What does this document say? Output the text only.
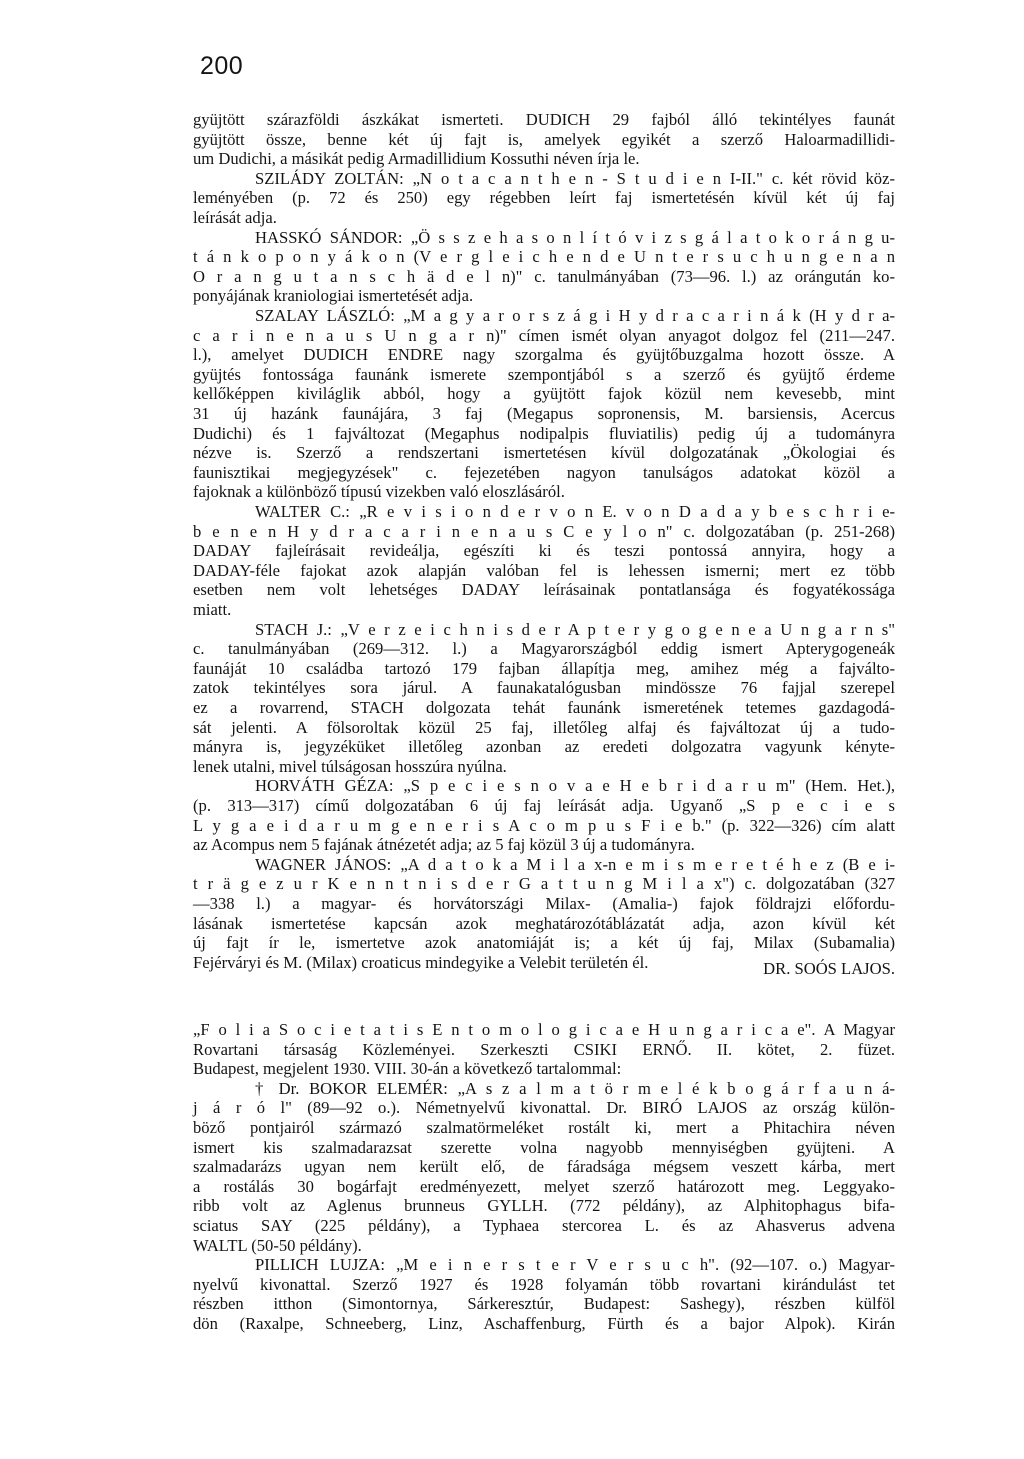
200
gyüjtött szárazföldi ászkákat ismerteti. DUDICH 29 fajból álló tekintélyes faunát
gyüjtött össze, benne két új fajt is, amelyek egyikét a szerző Haloarmadillidi-
um Dudichi, a másikát pedig Armadillidium Kossuthi néven írja le.
SZILÁDY ZOLTÁN: „N o t a c a n t h e n - S t u d i e n I-II." c. két rövid köz-
leményében (p. 72 és 250) egy régebben leírt faj ismertetésén kívül két új faj
leírását adja.
HASSKÓ SÁNDOR: „Ö s s z e h a s o n l í t ó v i z s g á l a t o k o r á n g u-
t á n k o p o n y á k o n (V e r g l e i c h e n d e U n t e r s u c h u n g e n a n
O r a n g u t a n s c h ä d e l n)" c. tanulmányában (73—96. l.) az orángután ko-
ponyájának kraniologiai ismertetését adja.
SZALAY LÁSZLÓ: „M a g y a r o r s z á g i H y d r a c a r i n á k (H y d r a-
c a r i n e n a u s U n g a r n)" címen ismét olyan anyagot dolgoz fel (211—247.
l.), amelyet DUDICH ENDRE nagy szorgalma és gyüjtőbuzgalma hozott össze. A
gyüjtés fontossága faunánk ismerete szempontjából s a szerző és gyüjtő érdeme
kellőképpen kiviláglik abból, hogy a gyüjtött fajok közül nem kevesebb, mint
31 új hazánk faunájára, 3 faj (Megapus sopronensis, M. barsiensis, Acercus
Dudichi) és 1 fajváltozat (Megaphus nodipalpis fluviatilis) pedig új a tudományra
nézve is. Szerző a rendszertani ismertetésen kívül dolgozatának „Ökologiai és
faunisztikai megjegyzések" c. fejezetében nagyon tanulságos adatokat közöl a
fajoknak a különböző típusú vizekben való eloszlásáról.
WALTER C.: „R e v i s i o n d e r v o n E. v o n D a d a y b e s c h r i e-
b e n e n H y d r a c a r i n e n a u s C e y l o n" c. dolgozatában (p. 251-268)
DADAY fajleírásait revideálja, egészíti ki és teszi pontossá annyira, hogy a
DADAY-féle fajokat azok alapján valóban fel is lehessen ismerni; mert ez több
esetben nem volt lehetséges DADAY leírásainak pontatlansága és fogyatékossága
miatt.
STACH J.: „V e r z e i c h n i s d e r A p t e r y g o g e n e a U n g a r n s"
c. tanulmányában (269—312. l.) a Magyarországból eddig ismert Apterygogeneák
faunáját 10 családba tartozó 179 fajban állapítja meg, amihez még a fajválto-
zatok tekintélyes sora járul. A faunakatalógusban mindössze 76 fajjal szerepel
ez a rovarrend, STACH dolgozata tehát faunánk ismeretének tetemes gazdagodá-
sát jelenti. A fölsoroltak közül 25 faj, illetőleg alfaj és fajváltozat új a tudo-
mányra is, jegyzéküket illetőleg azonban az eredeti dolgozatra vagyunk kényte-
lenek utalni, mivel túlságosan hosszúra nyúlna.
HORVÁTH GÉZA: „S p e c i e s n o v a e H e b r i d a r u m" (Hem. Het.),
(p. 313—317) című dolgozatában 6 új faj leírását adja. Ugyanő „S p e c i e s
L y g a e i d a r u m g e n e r i s A c o m p u s F i e b." (p. 322—326) cím alatt
az Acompus nem 5 fajának átnézetét adja; az 5 faj közül 3 új a tudományra.
WAGNER JÁNOS: „A d a t o k a M i l a x-n e m i s m e r e t é h e z (B e i-
t r ä g e z u r K e n n t n i s d e r G a t t u n g M i l a x") c. dolgozatában (327
—338 l.) a magyar- és horvátországi Milax- (Amalia-) fajok földrajzi előfordu-
lásának ismertetése kapcsán azok meghatározótáblázatát adja, azon kívül két
új fajt ír le, ismertetve azok anatomiáját is; a két új faj, Milax (Subamalia)
Fejérváryi és M. (Milax) croaticus mindegyike a Velebit területén él.	DR. SOÓS LAJOS.
„F o l i a S o c i e t a t i s E n t o m o l o g i c a e H u n g a r i c a e". A Magyar
Rovartani társaság Közleményei. Szerkeszti CSIKI ERNŐ. II. kötet, 2. füzet.
Budapest, megjelent 1930. VIII. 30-án a következő tartalommal:
† Dr. BOKOR ELEMÉR: „A s z a l m a t ö r m e l é k b o g á r f a u n á-
j á r ó l" (89—92 o.). Németnyelvű kivonattal. Dr. BIRÓ LAJOS az ország külön-
böző pontjairól származó szalmatörmeléket rostált ki, mert a Phitachira néven
ismert kis szalmadarazsat szerette volna nagyobb mennyiségben gyüjteni. A
szalmadarázs ugyan nem került elő, de fáradsága mégsem veszett kárba, mert
a rostálás 30 bogárfajt eredményezett, melyet szerző határozott meg. Leggyako-
ribb volt az Aglenus brunneus GYLLH. (772 példány), az Alphitophagus bifa-
sciatus SAY (225 példány), a Typhaea stercorea L. és az Ahasverus advena
WALTL (50-50 példány).
PILLICH LUJZA: „M e i n e r s t e r V e r s u c h". (92—107. o.) Magyar-
nyelvű kivonattal. Szerző 1927 és 1928 folyamán több rovartani kirándulást tet
részben itthon (Simontornya, Sárkeresztúr, Budapest: Sashegy), részben külföl
dön (Raxalpe, Schneeberg, Linz, Aschaffenburg, Fürth és a bajor Alpok). Kirán
